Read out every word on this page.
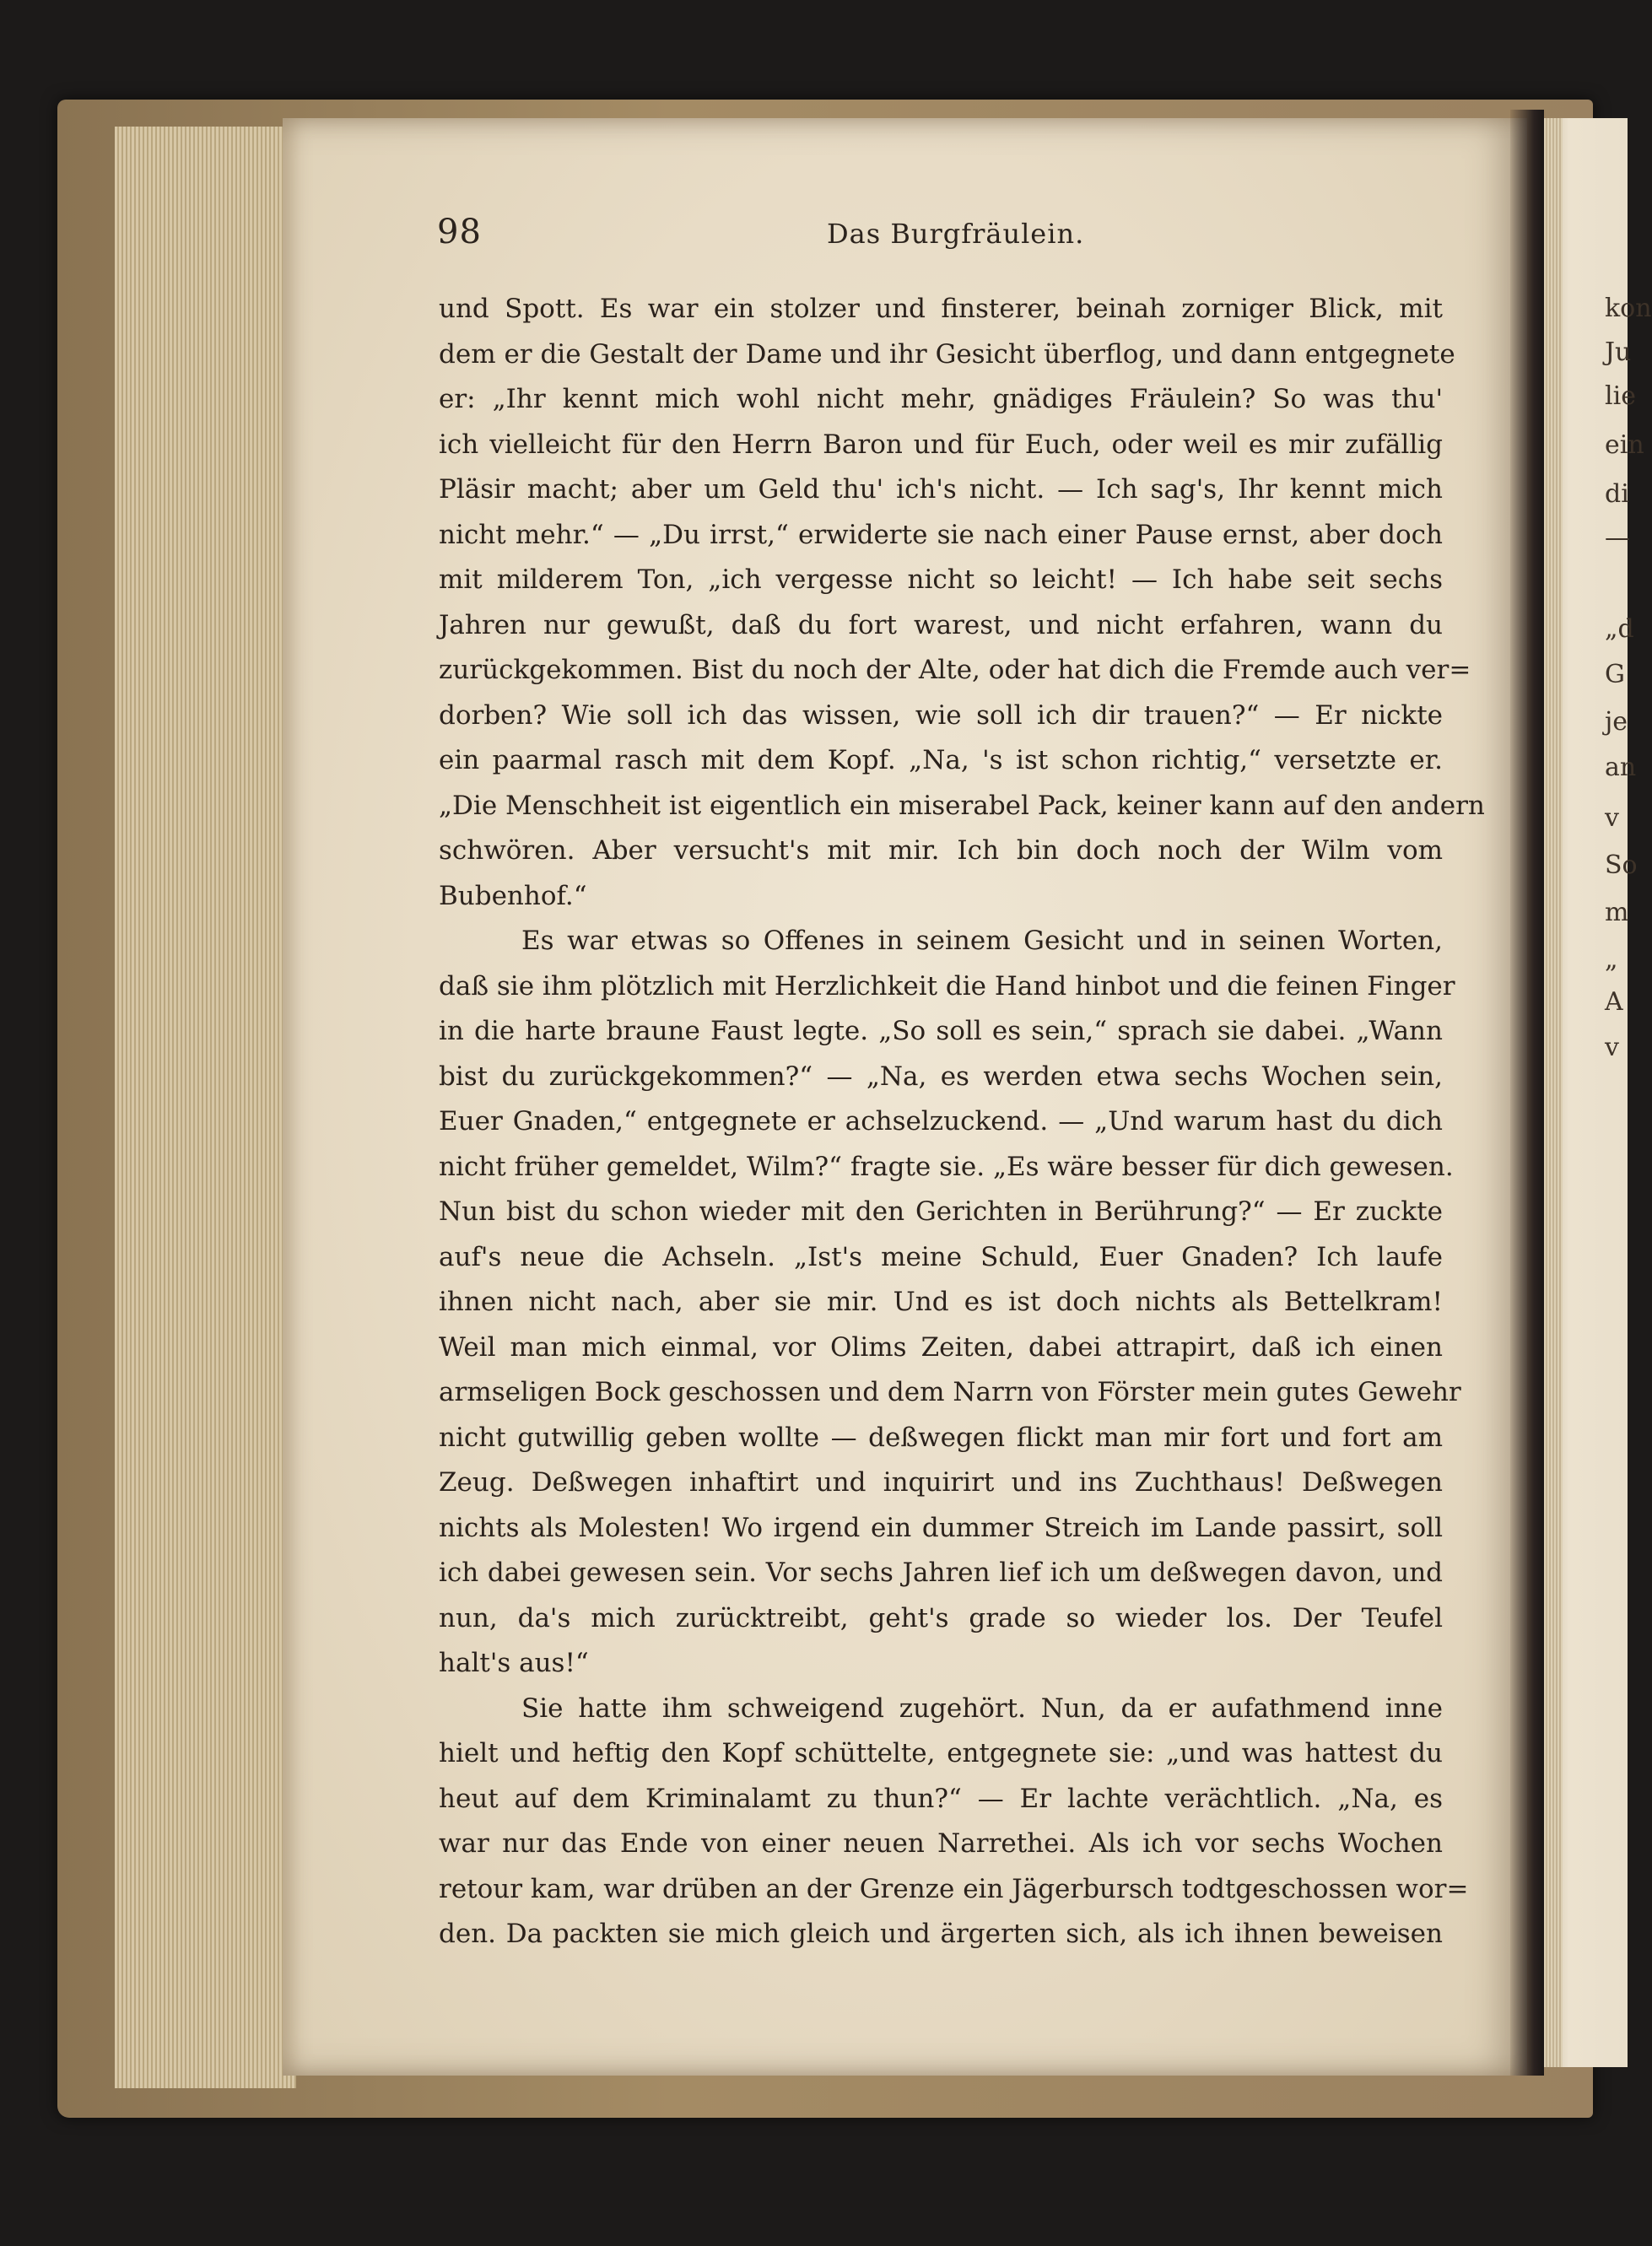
98	Das Burgfräulein.
und Spott. Es war ein stolzer und finsterer, beinah zorniger Blick, mit
dem er die Gestalt der Dame und ihr Gesicht überflog, und dann entgegnete
er: „Ihr kennt mich wohl nicht mehr, gnädiges Fräulein? So was thu'
ich vielleicht für den Herrn Baron und für Euch, oder weil es mir zufällig
Pläsir macht; aber um Geld thu' ich's nicht. — Ich sag's, Ihr kennt mich
nicht mehr.“ — „Du irrst,“ erwiderte sie nach einer Pause ernst, aber doch
mit milderem Ton, „ich vergesse nicht so leicht! — Ich habe seit sechs
Jahren nur gewußt, daß du fort warest, und nicht erfahren, wann du
zurückgekommen. Bist du noch der Alte, oder hat dich die Fremde auch ver=
dorben? Wie soll ich das wissen, wie soll ich dir trauen?“ — Er nickte
ein paarmal rasch mit dem Kopf. „Na, 's ist schon richtig,“ versetzte er.
„Die Menschheit ist eigentlich ein miserabel Pack, keiner kann auf den andern
schwören. Aber versucht's mit mir. Ich bin doch noch der Wilm vom
Bubenhof.“
Es war etwas so Offenes in seinem Gesicht und in seinen Worten,
daß sie ihm plötzlich mit Herzlichkeit die Hand hinbot und die feinen Finger
in die harte braune Faust legte. „So soll es sein,“ sprach sie dabei. „Wann
bist du zurückgekommen?“ — „Na, es werden etwa sechs Wochen sein,
Euer Gnaden,“ entgegnete er achselzuckend. — „Und warum hast du dich
nicht früher gemeldet, Wilm?“ fragte sie. „Es wäre besser für dich gewesen.
Nun bist du schon wieder mit den Gerichten in Berührung?“ — Er zuckte
auf's neue die Achseln. „Ist's meine Schuld, Euer Gnaden? Ich laufe
ihnen nicht nach, aber sie mir. Und es ist doch nichts als Bettelkram!
Weil man mich einmal, vor Olims Zeiten, dabei attrapirt, daß ich einen
armseligen Bock geschossen und dem Narrn von Förster mein gutes Gewehr
nicht gutwillig geben wollte — deßwegen flickt man mir fort und fort am
Zeug. Deßwegen inhaftirt und inquirirt und ins Zuchthaus! Deßwegen
nichts als Molesten! Wo irgend ein dummer Streich im Lande passirt, soll
ich dabei gewesen sein. Vor sechs Jahren lief ich um deßwegen davon, und
nun, da's mich zurücktreibt, geht's grade so wieder los. Der Teufel
halt's aus!“
Sie hatte ihm schweigend zugehört. Nun, da er aufathmend inne
hielt und heftig den Kopf schüttelte, entgegnete sie: „und was hattest du
heut auf dem Kriminalamt zu thun?“ — Er lachte verächtlich. „Na, es
war nur das Ende von einer neuen Narrethei. Als ich vor sechs Wochen
retour kam, war drüben an der Grenze ein Jägerbursch todtgeschossen wor=
den. Da packten sie mich gleich und ärgerten sich, als ich ihnen beweisen
kon
Ju
lie
ein
di
—
„d
G
je
an
v
So
m
„
A
v
